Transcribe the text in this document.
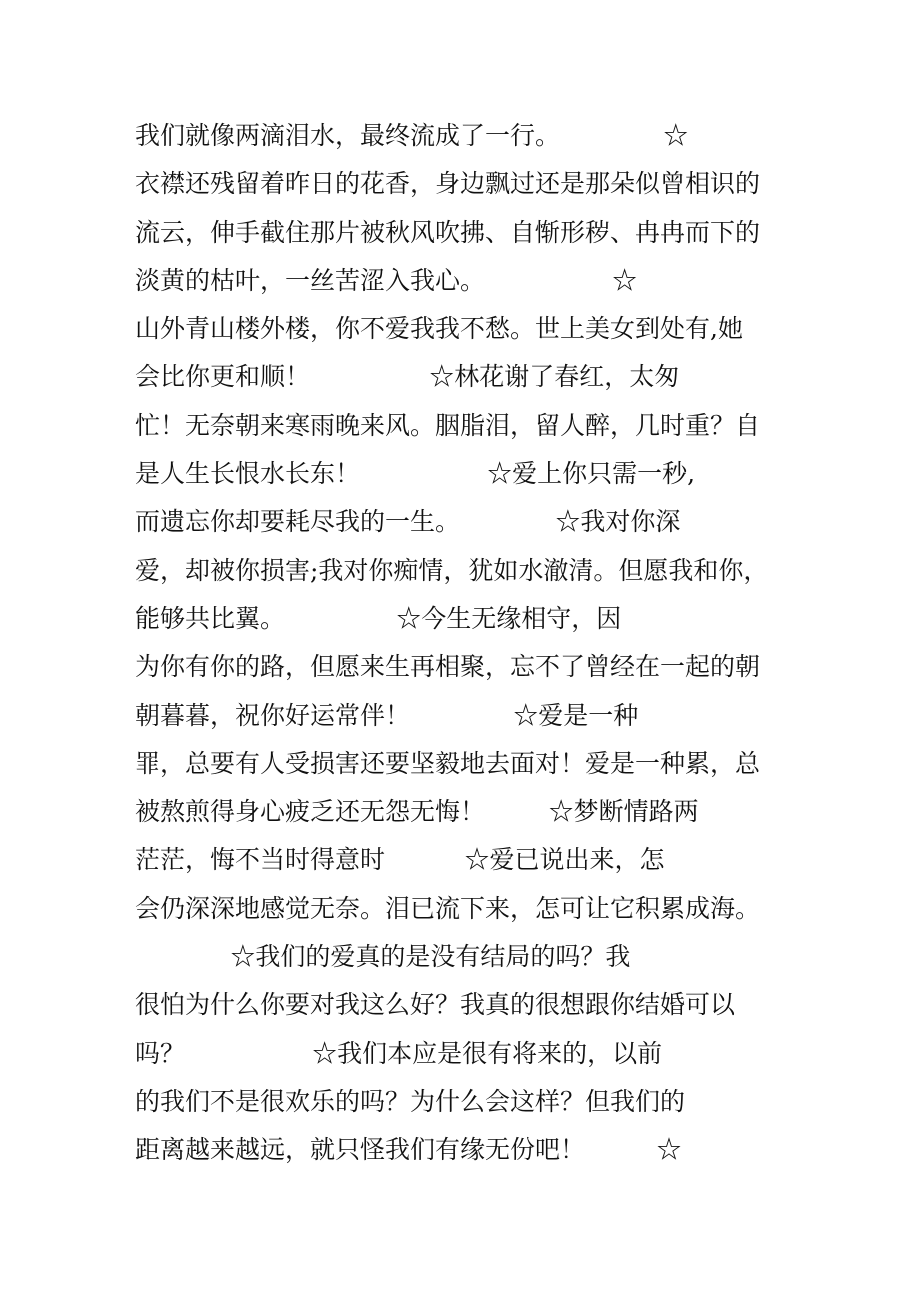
我们就像两滴泪水，最终流成了一行。             ☆
衣襟还残留着昨日的花香，身边飘过还是那朵似曾相识的
流云，伸手截住那片被秋风吹拂、自惭形秽、冉冉而下的
淡黄的枯叶，一丝苦涩入我心。                ☆
山外青山楼外楼，你不爱我我不愁。世上美女到处有,她
会比你更和顺！               ☆林花谢了春红，太匆
忙！无奈朝来寒雨晚来风。胭脂泪，留人醉，几时重？自
是人生长恨水长东！                ☆爱上你只需一秒,
而遗忘你却要耗尽我的一生。            ☆我对你深
爱，却被你损害;我对你痴情，犹如水澈清。但愿我和你，
能够共比翼。              ☆今生无缘相守，因
为你有你的路，但愿来生再相聚，忘不了曾经在一起的朝
朝暮暮，祝你好运常伴！             ☆爱是一种
罪，总要有人受损害还要坚毅地去面对！爱是一种累，总
被熬煎得身心疲乏还无怨无悔！        ☆梦断情路两
茫茫，悔不当时得意时          ☆爱已说出来，怎
会仍深深地感觉无奈。泪已流下来，怎可让它积累成海。
☆我们的爱真的是没有结局的吗？我
很怕为什么你要对我这么好？我真的很想跟你结婚可以
吗？                ☆我们本应是很有将来的，以前
的我们不是很欢乐的吗？为什么会这样？但我们的
距离越来越远，就只怪我们有缘无份吧！         ☆
